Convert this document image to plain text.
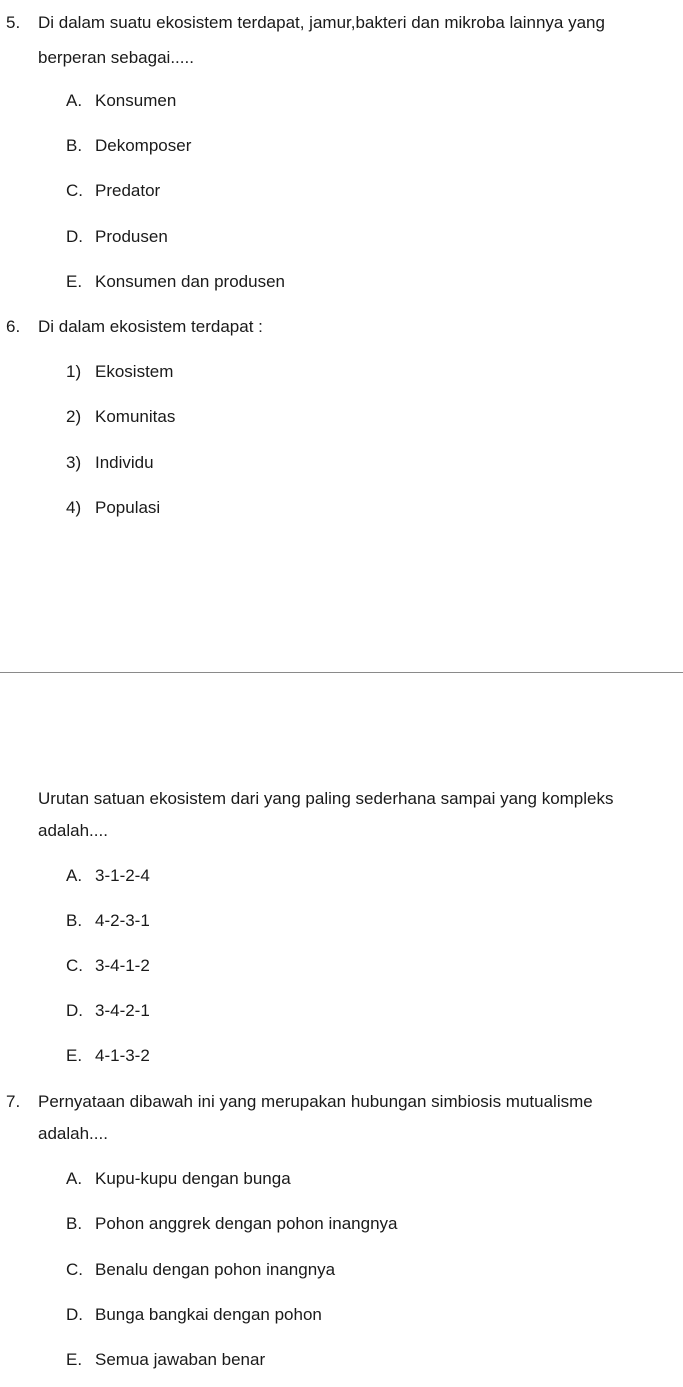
5. Di dalam suatu ekosistem terdapat, jamur,bakteri dan mikroba lainnya yang
berperan sebagai.....
A. Konsumen
B. Dekomposer
C. Predator
D. Produsen
E. Konsumen dan produsen
6. Di dalam ekosistem terdapat :
1) Ekosistem
2) Komunitas
3) Individu
4) Populasi
Urutan satuan ekosistem dari yang paling sederhana sampai yang kompleks
adalah....
A. 3-1-2-4
B. 4-2-3-1
C. 3-4-1-2
D. 3-4-2-1
E. 4-1-3-2
7. Pernyataan dibawah ini yang merupakan hubungan simbiosis mutualisme
adalah....
A. Kupu-kupu dengan bunga
B. Pohon anggrek dengan pohon inangnya
C. Benalu dengan pohon inangnya
D. Bunga bangkai dengan pohon
E. Semua jawaban benar
